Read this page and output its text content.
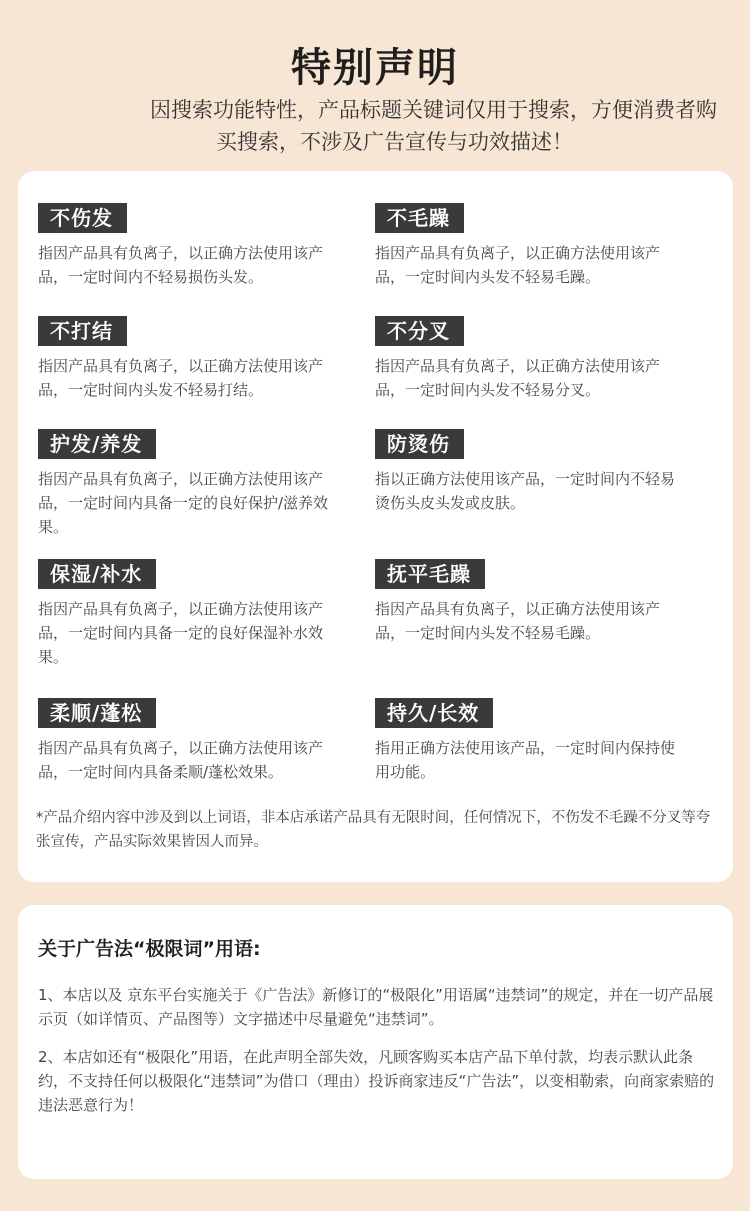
特别声明
因搜索功能特性，产品标题关键词仅用于搜索，方便消费者购买搜索，不涉及广告宣传与功效描述！
不伤发
指因产品具有负离子，以正确方法使用该产品，一定时间内不轻易损伤头发。
不毛躁
指因产品具有负离子，以正确方法使用该产品，一定时间内头发不轻易毛躁。
不打结
指因产品具有负离子，以正确方法使用该产品，一定时间内头发不轻易打结。
不分叉
指因产品具有负离子，以正确方法使用该产品，一定时间内头发不轻易分叉。
护发/养发
指因产品具有负离子，以正确方法使用该产品，一定时间内具备一定的良好保护/滋养效果。
防烫伤
指以正确方法使用该产品，一定时间内不轻易烫伤头皮头发或皮肤。
保湿/补水
指因产品具有负离子，以正确方法使用该产品，一定时间内具备一定的良好保湿补水效果。
抚平毛躁
指因产品具有负离子，以正确方法使用该产品，一定时间内头发不轻易毛躁。
柔顺/蓬松
指因产品具有负离子，以正确方法使用该产品，一定时间内具备柔顺/蓬松效果。
持久/长效
指用正确方法使用该产品，一定时间内保持使用功能。
*产品介绍内容中涉及到以上词语，非本店承诺产品具有无限时间，任何情况下，不伤发不毛躁不分叉等夸张宣传，产品实际效果皆因人而异。
关于广告法“极限词”用语:
1、本店以及 京东平台实施关于《广告法》新修订的“极限化”用语属“违禁词”的规定，并在一切产品展示页（如详情页、产品图等）文字描述中尽量避免“违禁词”。
2、本店如还有“极限化”用语，在此声明全部失效，凡顾客购买本店产品下单付款，均表示默认此条约，不支持任何以极限化“违禁词”为借口（理由）投诉商家违反“广告法”，以变相勒索，向商家索赔的违法恶意行为！
